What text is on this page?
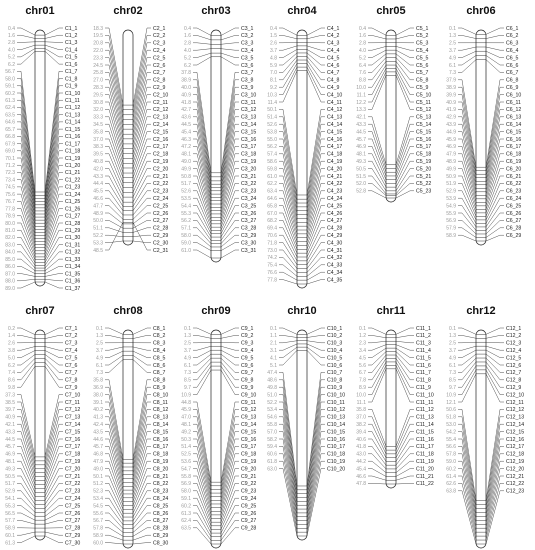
chr01
C1_1
0.4
C1_2
1.6
C1_3
2.8
C1_4
4.0
C1_5
5.2
C1_6
6.2
C1_7
56.7
C1_8
58.0
C1_9
59.1
C1_10
60.2
C1_11
61.3
C1_12
62.4
C1_13
63.5
C1_14
64.6
C1_15
65.7
C1_16
66.8
C1_17
67.9
C1_18
69.0
C1_19
70.1
C1_20
71.2
C1_21
72.3
C1_22
73.4
C1_23
74.5
C1_24
75.6
C1_25
76.7
C1_26
77.8
C1_27
78.9
C1_28
80.0
C1_29
81.0
C1_30
82.0
C1_31
83.0
C1_32
84.0
C1_33
85.0
C1_34
86.0
C1_35
87.0
C1_36
88.0
C1_37
89.0
chr02
C2_1
18.3
C2_2
19.5
C2_3
20.8
C2_4
22.0
C2_5
23.3
C2_6
24.5
C2_7
25.8
C2_8
27.0
C2_9
28.3
C2_10
29.5
C2_11
30.8
C2_12
32.0
C2_13
33.3
C2_14
34.5
C2_15
35.8
C2_16
37.0
C2_17
38.3
C2_18
39.5
C2_19
40.8
C2_20
42.0
C2_21
43.3
C2_22
44.4
C2_23
45.5
C2_24
46.6
C2_25
47.7
C2_26
48.9
C2_27
50.0
C2_28
51.1
C2_29
52.2
C2_30
53.3
C2_31
48.5
chr03
C3_1
0.4
C3_2
1.6
C3_3
2.8
C3_4
4.0
C3_5
5.2
C3_6
6.2
C3_7
37.8
C3_8
38.9
C3_9
40.0
C3_10
40.9
C3_11
41.8
C3_12
42.7
C3_13
43.6
C3_14
44.5
C3_15
45.4
C3_16
46.3
C3_17
47.2
C3_18
48.1
C3_19
49.0
C3_20
49.9
C3_21
50.8
C3_22
51.7
C3_23
52.6
C3_24
53.5
C3_25
54.4
C3_26
55.3
C3_27
56.2
C3_28
57.1
C3_29
58.0
C3_30
59.0
C3_31
61.0
chr04
C4_1
0.4
C4_2
1.5
C4_3
2.6
C4_4
3.7
C4_5
4.8
C4_6
5.9
C4_7
7.0
C4_8
8.1
C4_9
9.2
C4_10
10.3
C4_11
11.4
C4_12
50.1
C4_13
51.4
C4_14
52.6
C4_15
53.8
C4_16
55.0
C4_17
56.2
C4_18
57.4
C4_19
58.6
C4_20
59.8
C4_21
61.0
C4_22
62.2
C4_23
63.4
C4_24
64.6
C4_25
65.8
C4_26
67.0
C4_27
68.2
C4_28
69.4
C4_29
70.6
C4_30
71.8
C4_31
73.0
C4_32
74.2
C4_33
75.4
C4_34
76.6
C4_35
77.8
chr05
C5_1
0.4
C5_2
1.6
C5_3
2.8
C5_4
4.0
C5_5
5.2
C5_6
6.4
C5_7
7.6
C5_8
8.8
C5_9
10.0
C5_10
11.1
C5_11
12.2
C5_12
13.3
C5_13
42.1
C5_14
43.3
C5_15
44.5
C5_16
45.7
C5_17
46.9
C5_18
48.1
C5_19
49.3
C5_20
50.5
C5_21
51.5
C5_22
52.0
C5_23
52.8
chr06
C6_1
0.1
C6_2
1.3
C6_3
2.5
C6_4
3.7
C6_5
4.9
C6_6
6.1
C6_7
7.3
C6_8
37.9
C6_9
38.9
C6_10
39.9
C6_11
40.9
C6_12
41.9
C6_13
42.9
C6_14
43.9
C6_15
44.9
C6_16
45.9
C6_17
46.9
C6_18
47.9
C6_19
48.9
C6_20
49.9
C6_21
50.9
C6_22
51.9
C6_23
52.9
C6_24
53.9
C6_25
54.9
C6_26
55.9
C6_27
56.9
C6_28
57.9
C6_29
58.9
chr07
C7_1
0.2
C7_2
1.4
C7_3
2.6
C7_4
3.8
C7_5
5.0
C7_6
6.2
C7_7
7.4
C7_8
8.6
C7_9
9.8
C7_10
37.3
C7_11
38.5
C7_12
39.7
C7_13
40.9
C7_14
42.1
C7_15
43.3
C7_16
44.5
C7_17
45.7
C7_18
46.9
C7_19
48.1
C7_20
49.3
C7_21
50.5
C7_22
51.7
C7_23
52.9
C7_24
54.1
C7_25
55.3
C7_26
56.5
C7_27
57.7
C7_28
58.9
C7_29
60.1
C7_30
61.3
chr08
C8_1
0.1
C8_2
1.3
C8_3
2.5
C8_4
3.7
C8_5
4.9
C8_6
6.1
C8_7
7.3
C8_8
35.8
C8_9
36.9
C8_10
38.0
C8_11
39.1
C8_12
40.2
C8_13
41.3
C8_14
42.4
C8_15
43.5
C8_16
44.6
C8_17
45.7
C8_18
46.8
C8_19
47.9
C8_20
49.0
C8_21
50.1
C8_22
51.2
C8_23
52.3
C8_24
53.4
C8_25
54.5
C8_26
55.6
C8_27
56.7
C8_28
57.8
C8_29
58.9
C8_30
60.0
chr09
C9_1
0.1
C9_2
1.3
C9_3
2.5
C9_4
3.7
C9_5
4.9
C9_6
6.1
C9_7
7.3
C9_8
8.5
C9_9
9.7
C9_10
10.9
C9_11
44.8
C9_12
45.9
C9_13
47.0
C9_14
48.1
C9_15
49.2
C9_16
50.3
C9_17
51.4
C9_18
52.5
C9_19
53.6
C9_20
54.7
C9_21
55.8
C9_22
56.9
C9_23
58.0
C9_24
59.1
C9_25
60.2
C9_26
61.3
C9_27
62.4
C9_28
63.5
chr10
C10_1
0.1
C10_2
1.1
C10_3
2.1
C10_4
3.1
C10_5
4.1
C10_6
5.1
C10_7
47.4
C10_8
48.6
C10_9
49.8
C10_10
51.0
C10_11
52.2
C10_12
53.4
C10_13
54.6
C10_14
55.8
C10_15
57.0
C10_16
58.2
C10_17
59.4
C10_18
60.6
C10_19
61.8
C10_20
63.0
chr11
C11_1
0.1
C11_2
1.2
C11_3
2.3
C11_4
3.4
C11_5
4.5
C11_6
5.6
C11_7
6.7
C11_8
7.8
C11_9
8.9
C11_10
10.0
C11_11
11.1
C11_12
35.8
C11_13
37.0
C11_14
38.2
C11_15
39.4
C11_16
40.6
C11_17
41.8
C11_18
43.0
C11_19
44.2
C11_20
45.4
C11_21
46.6
C11_22
47.8
chr12
C12_1
0.1
C12_2
1.3
C12_3
2.5
C12_4
3.7
C12_5
4.9
C12_6
6.1
C12_7
7.3
C12_8
8.5
C12_9
9.7
C12_10
10.9
C12_11
12.1
C12_12
50.6
C12_13
51.8
C12_14
53.0
C12_15
54.2
C12_16
55.4
C12_17
56.6
C12_18
57.8
C12_19
59.0
C12_20
60.2
C12_21
61.4
C12_22
62.6
C12_23
63.8
